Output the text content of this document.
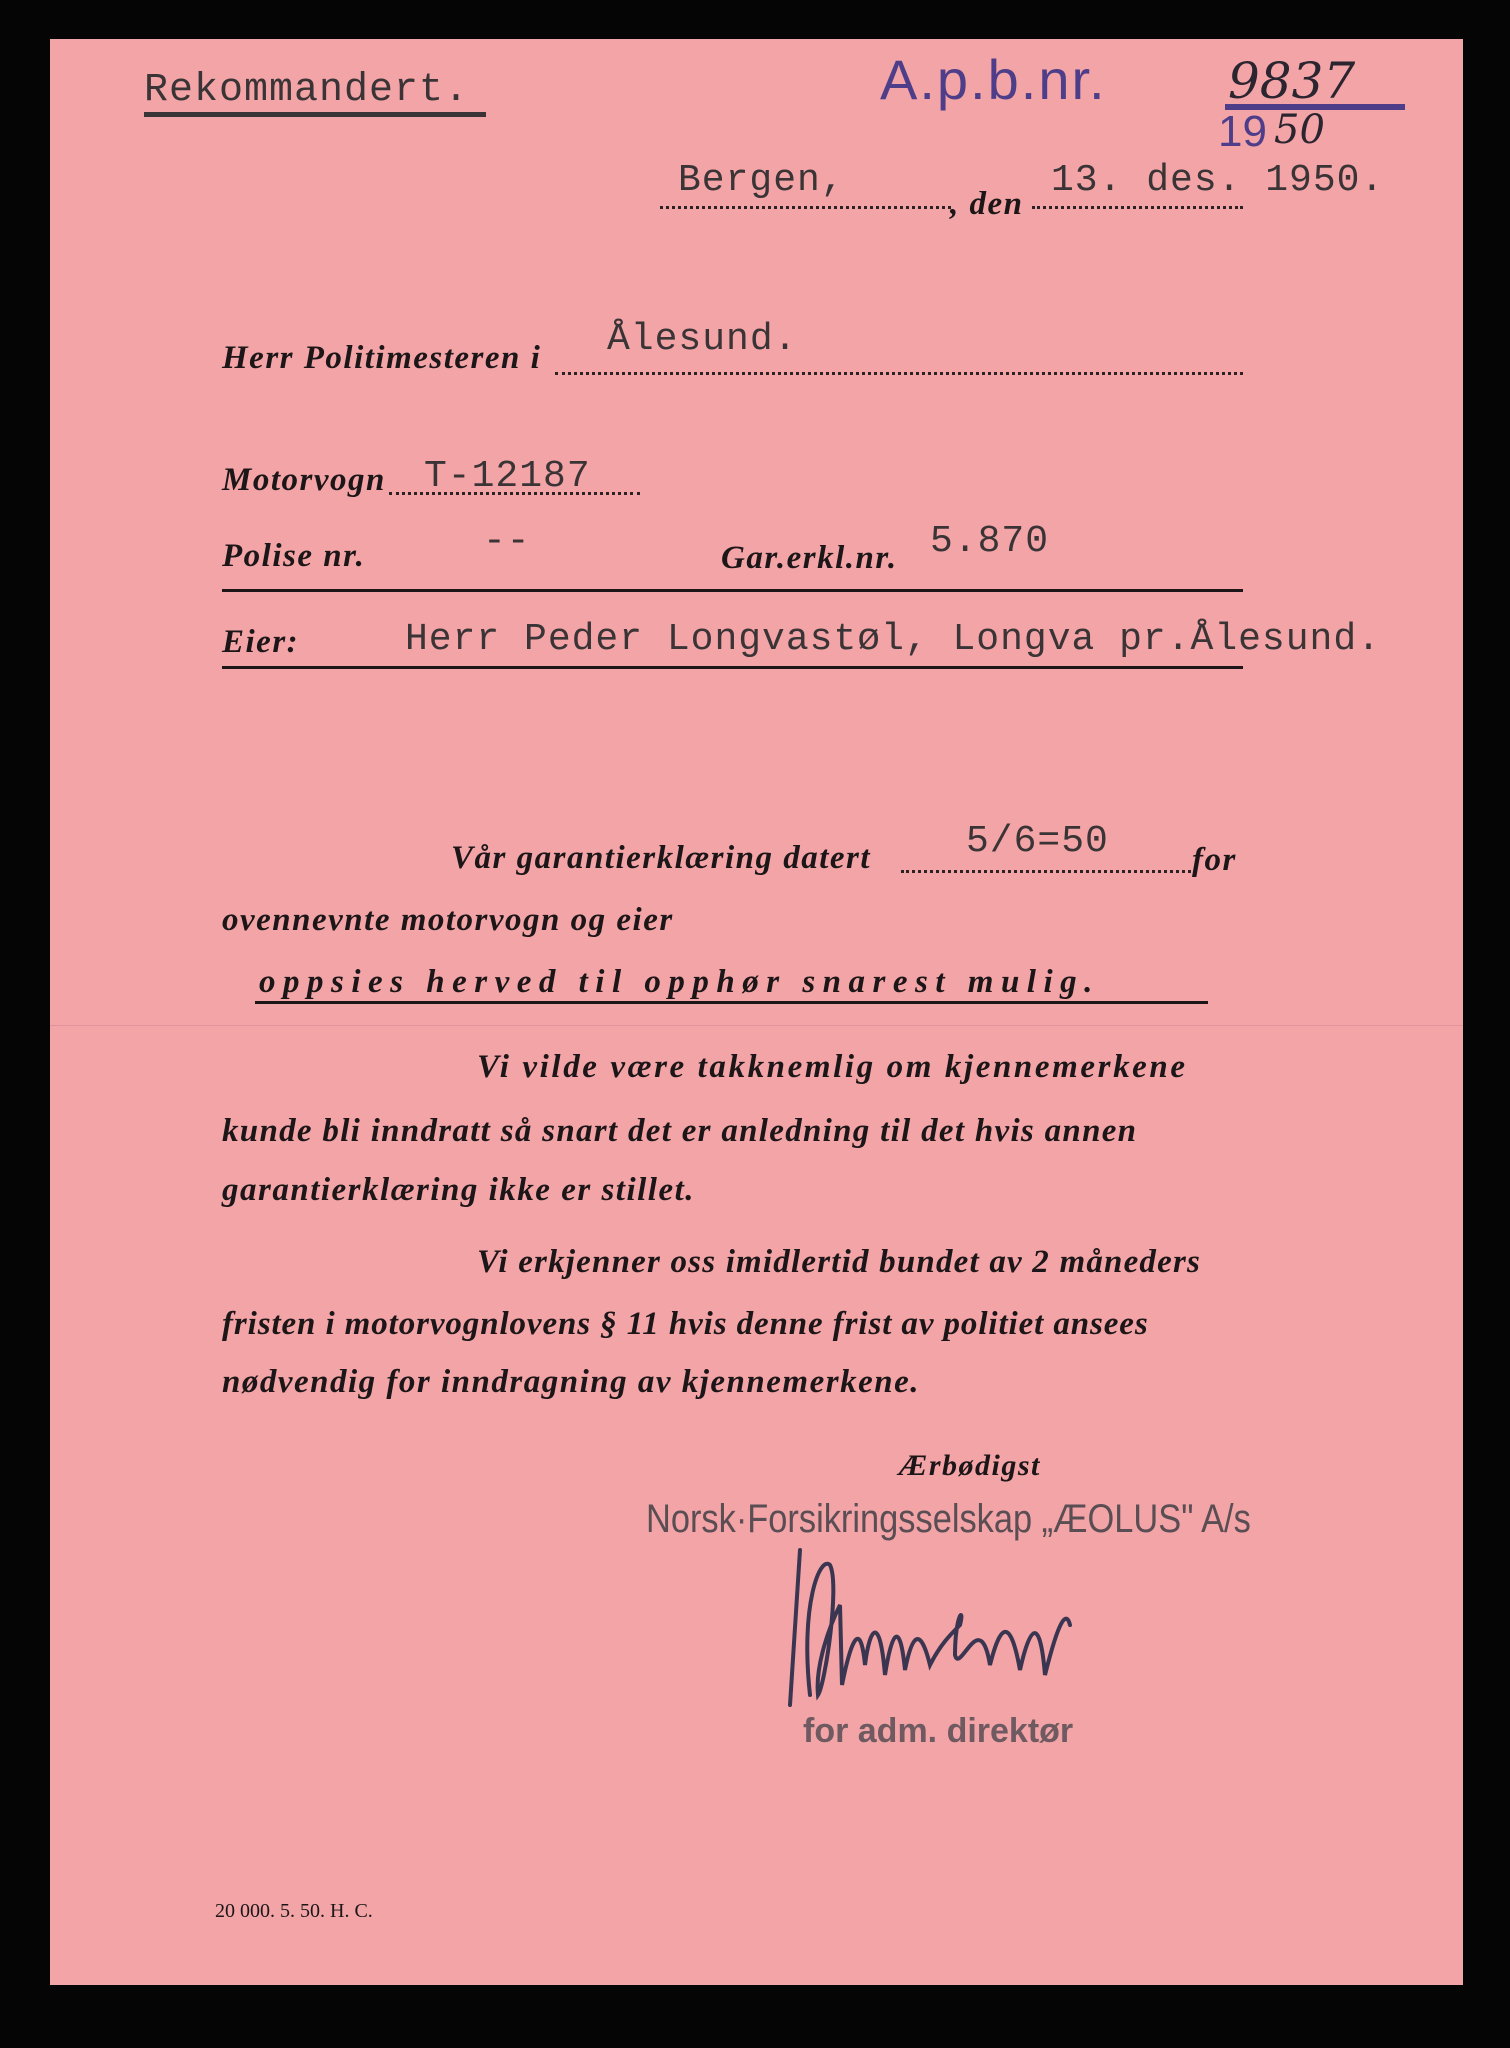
Rekommandert.	A.p.b.nr. 9837
19 50
Bergen,
, den
13. des. 1950.
Herr Politimesteren i Ålesund.
Motorvogn T-12187
Polise nr.	--	Gar.erkl.nr. 5.870
Eier:	Herr Peder Longvastøl, Longva pr.Ålesund.
Vår garantierklæring datert 5/6=50	for
ovennevnte motorvogn og eier
oppsies herved til opphør snarest mulig.
Vi vilde være takknemlig om kjennemerkene
kunde bli inndratt så snart det er anledning til det hvis annen
garantierklæring ikke er stillet.
Vi erkjenner oss imidlertid bundet av 2 måneders
fristen i motorvognlovens § 11 hvis denne frist av politiet ansees
nødvendig for inndragning av kjennemerkene.
Ærbødigst
Norsk·Forsikringsselskap „ÆOLUS" A/s
for adm. direktør
20 000. 5. 50. H. C.
